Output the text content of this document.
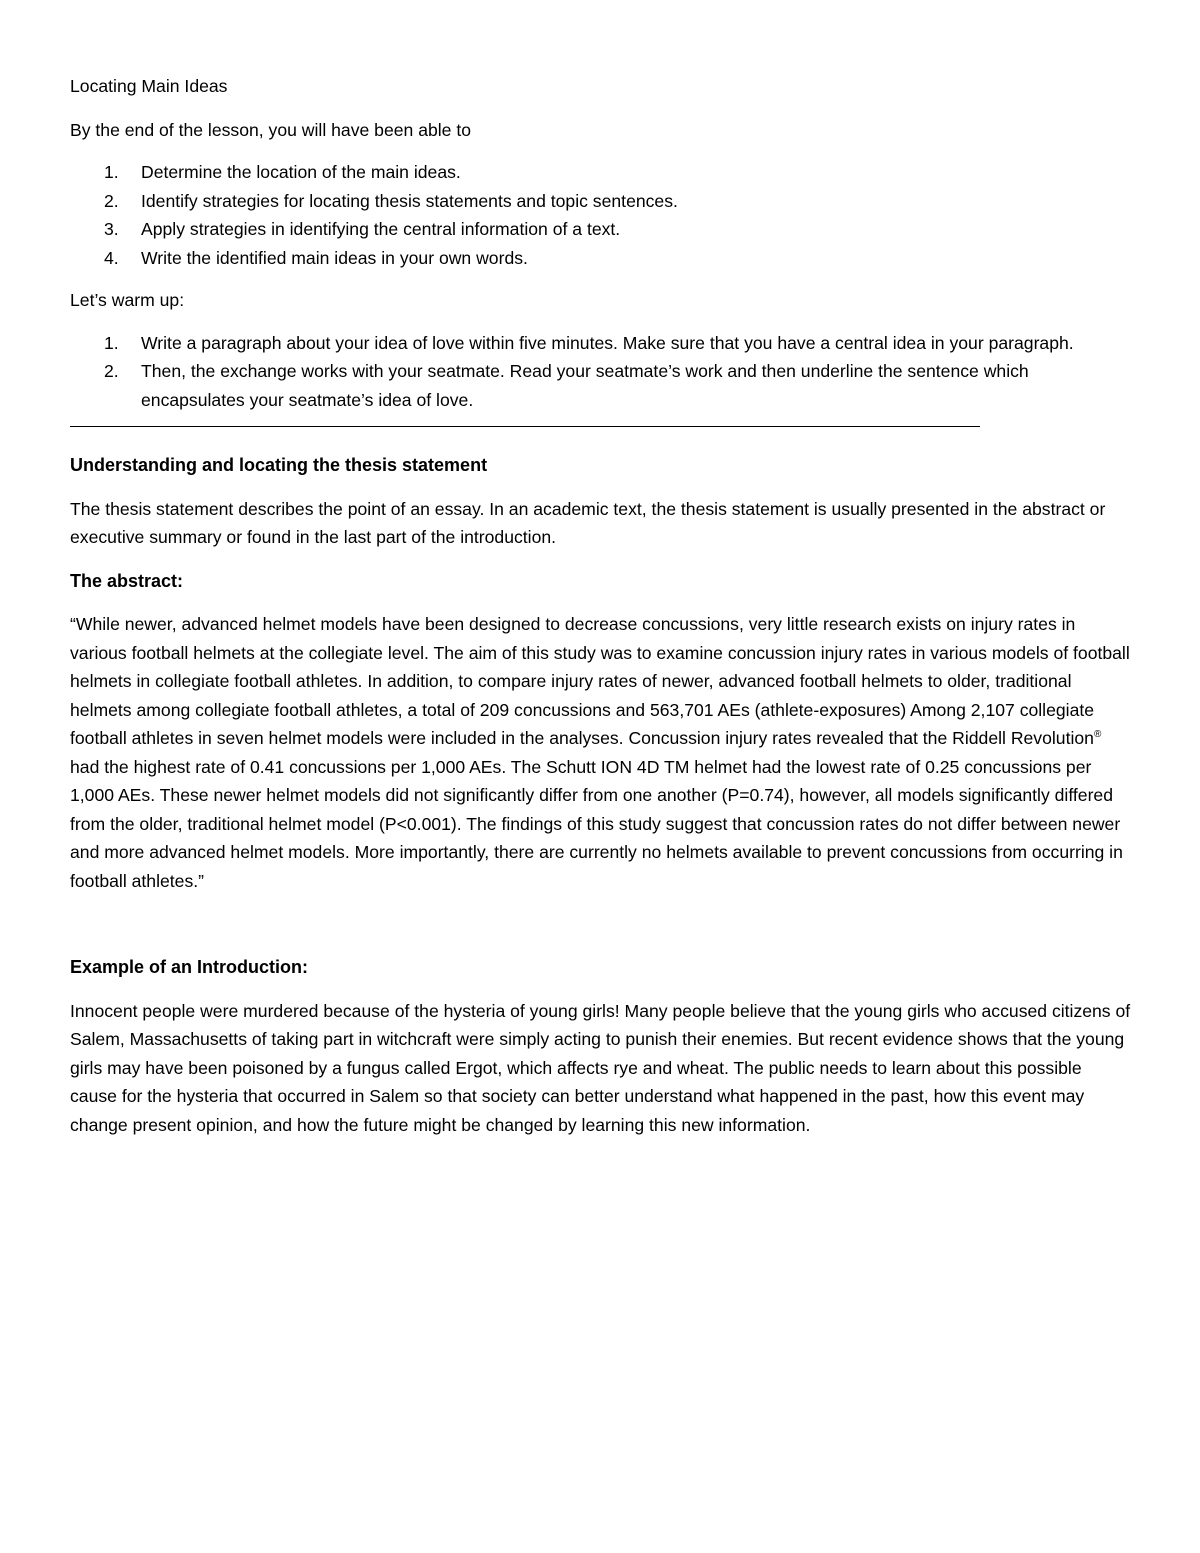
Locating Main Ideas

By the end of the lesson, you will have been able to

1. Determine the location of the main ideas.
2. Identify strategies for locating thesis statements and topic sentences.
3. Apply strategies in identifying the central information of a text.
4. Write the identified main ideas in your own words.

Let’s warm up:

1. Write a paragraph about your idea of love within five minutes. Make sure that you have a central idea in your paragraph.
2. Then, the exchange works with your seatmate. Read your seatmate’s work and then underline the sentence which encapsulates your seatmate’s idea of love.

Understanding and locating the thesis statement

The thesis statement describes the point of an essay. In an academic text, the thesis statement is usually presented in the abstract or executive summary or found in the last part of the introduction.

The abstract:

“While newer, advanced helmet models have been designed to decrease concussions, very little research exists on injury rates in various football helmets at the collegiate level. The aim of this study was to examine concussion injury rates in various models of football helmets in collegiate football athletes. In addition, to compare injury rates of newer, advanced football helmets to older, traditional helmets among collegiate football athletes, a total of 209 concussions and 563,701 AEs (athlete-exposures) Among 2,107 collegiate football athletes in seven helmet models were included in the analyses. Concussion injury rates revealed that the Riddell Revolution® had the highest rate of 0.41 concussions per 1,000 AEs. The Schutt ION 4D TM helmet had the lowest rate of 0.25 concussions per 1,000 AEs. These newer helmet models did not significantly differ from one another (P=0.74), however, all models significantly differed from the older, traditional helmet model (P<0.001). The findings of this study suggest that concussion rates do not differ between newer and more advanced helmet models. More importantly, there are currently no helmets available to prevent concussions from occurring in football athletes.”

Example of an Introduction:

Innocent people were murdered because of the hysteria of young girls! Many people believe that the young girls who accused citizens of Salem, Massachusetts of taking part in witchcraft were simply acting to punish their enemies. But recent evidence shows that the young girls may have been poisoned by a fungus called Ergot, which affects rye and wheat. The public needs to learn about this possible cause for the hysteria that occurred in Salem so that society can better understand what happened in the past, how this event may change present opinion, and how the future might be changed by learning this new information.
